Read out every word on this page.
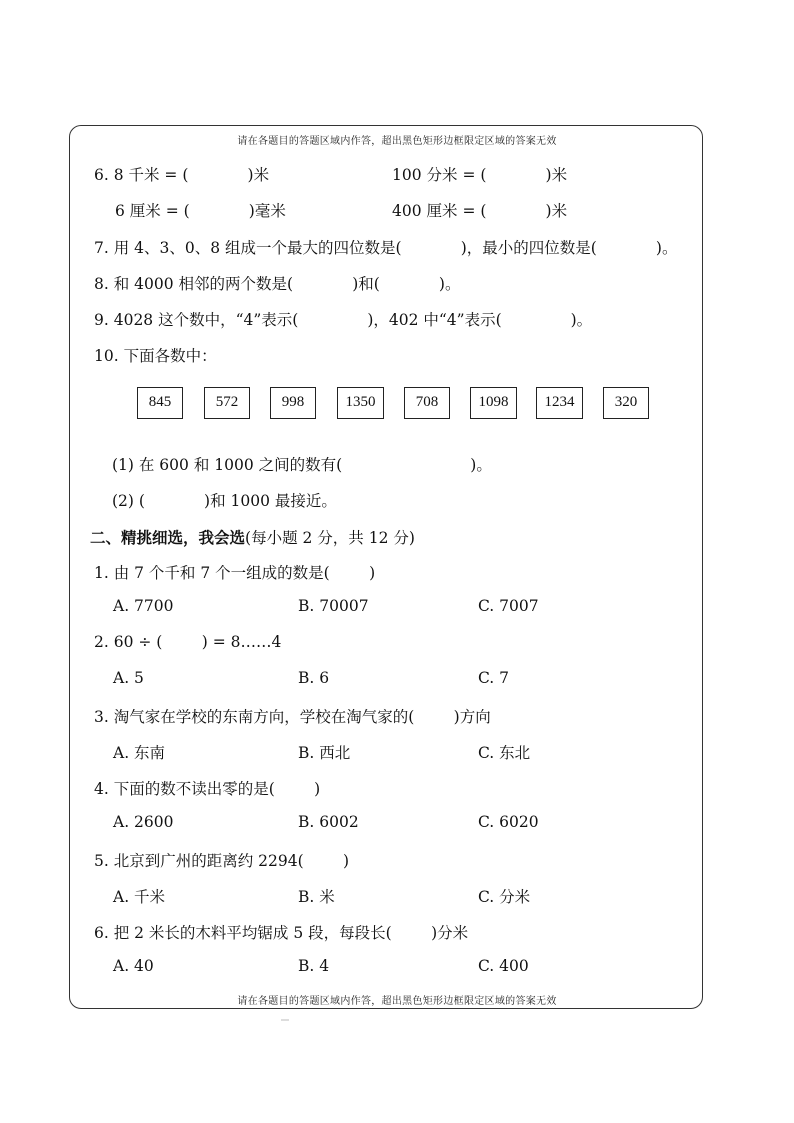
请在各题目的答题区域内作答，超出黑色矩形边框限定区域的答案无效
6. 8 千米 = (            )米	100 分米 = (            )米
6 厘米 = (            )毫米	400 厘米 = (            )米
7. 用 4、3、0、8 组成一个最大的四位数是(            )，最小的四位数是(            )。
8. 和 4000 相邻的两个数是(            )和(            )。
9. 4028 这个数中，“4”表示(              )，402 中“4”表示(              )。
10. 下面各数中：
845	572	998	1350	708	1098	1234	320
(1) 在 600 和 1000 之间的数有(                          )。
(2) (            )和 1000 最接近。
二、精挑细选，我会选(每小题 2 分，共 12 分)
1. 由 7 个千和 7 个一组成的数是(        )
A. 7700	B. 70007	C. 7007
2. 60 ÷ (        ) = 8……4
A. 5	B. 6	C. 7
3. 淘气家在学校的东南方向，学校在淘气家的(        )方向
A. 东南	B. 西北	C. 东北
4. 下面的数不读出零的是(        )
A. 2600	B. 6002	C. 6020
5. 北京到广州的距离约 2294(        )
A. 千米	B. 米	C. 分米
6. 把 2 米长的木料平均锯成 5 段，每段长(        )分米
A. 40	B. 4	C. 400
请在各题目的答题区域内作答，超出黑色矩形边框限定区域的答案无效
